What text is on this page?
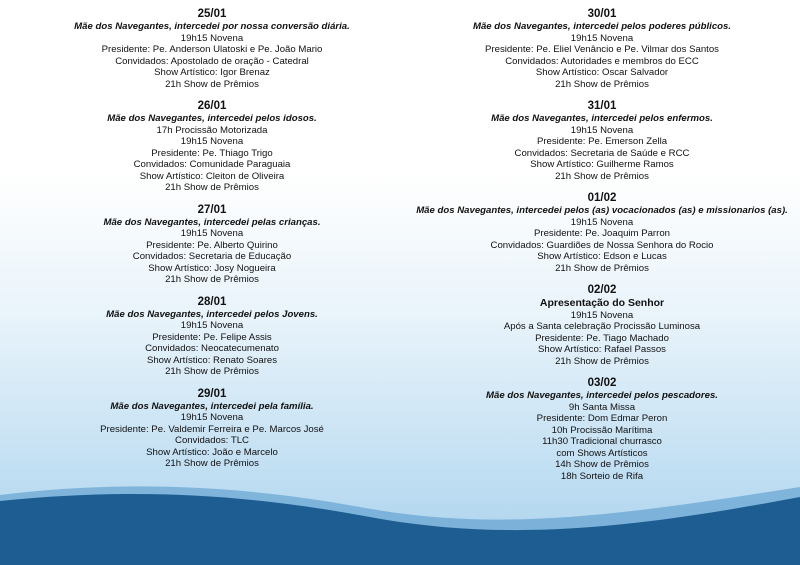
25/01
Mãe dos Navegantes, intercedei por nossa conversão diária.
19h15 Novena
Presidente: Pe. Anderson Ulatoski e Pe. João Mario
Convidados: Apostolado de oração - Catedral
Show Artístico: Igor Brenaz
21h Show de Prêmios
26/01
Mãe dos Navegantes, intercedei pelos idosos.
17h Procissão Motorizada
19h15 Novena
Presidente: Pe. Thiago Trigo
Convidados: Comunidade Paraguaia
Show Artístico: Cleiton de Oliveira
21h Show de Prêmios
27/01
Mãe dos Navegantes, intercedei pelas crianças.
19h15 Novena
Presidente: Pe. Alberto Quirino
Convidados: Secretaria de Educação
Show Artístico: Josy Nogueira
21h Show de Prêmios
28/01
Mãe dos Navegantes, intercedei pelos Jovens.
19h15 Novena
Presidente: Pe. Felipe Assis
Convidados: Neocatecumenato
Show Artístico: Renato Soares
21h Show de Prêmios
29/01
Mãe dos Navegantes, intercedei pela família.
19h15 Novena
Presidente: Pe. Valdemir Ferreira e Pe. Marcos José
Convidados: TLC
Show Artístico: João e Marcelo
21h Show de Prêmios
30/01
Mãe dos Navegantes, intercedei pelos poderes públicos.
19h15 Novena
Presidente: Pe. Eliel Venâncio e Pe. Vilmar dos Santos
Convidados: Autoridades e membros do ECC
Show Artístico: Oscar Salvador
21h Show de Prêmios
31/01
Mãe dos Navegantes, intercedei pelos enfermos.
19h15 Novena
Presidente: Pe. Emerson Zella
Convidados: Secretaria de Saúde e RCC
Show Artístico: Guilherme Ramos
21h Show de Prêmios
01/02
Mãe dos Navegantes, intercedei pelos (as) vocacionados (as) e missionarios (as).
19h15 Novena
Presidente: Pe. Joaquim Parron
Convidados: Guardiões de Nossa Senhora do Rocio
Show Artístico: Edson e Lucas
21h Show de Prêmios
02/02
Apresentação do Senhor
19h15 Novena
Após a Santa celebração Procissão Luminosa
Presidente: Pe. Tiago Machado
Show Artístico: Rafael Passos
21h Show de Prêmios
03/02
Mãe dos Navegantes, intercedei pelos pescadores.
9h Santa Missa
Presidente: Dom Edmar Peron
10h Procissão Marítima
11h30 Tradicional churrasco
com Shows Artísticos
14h Show de Prêmios
18h Sorteio de Rifa
